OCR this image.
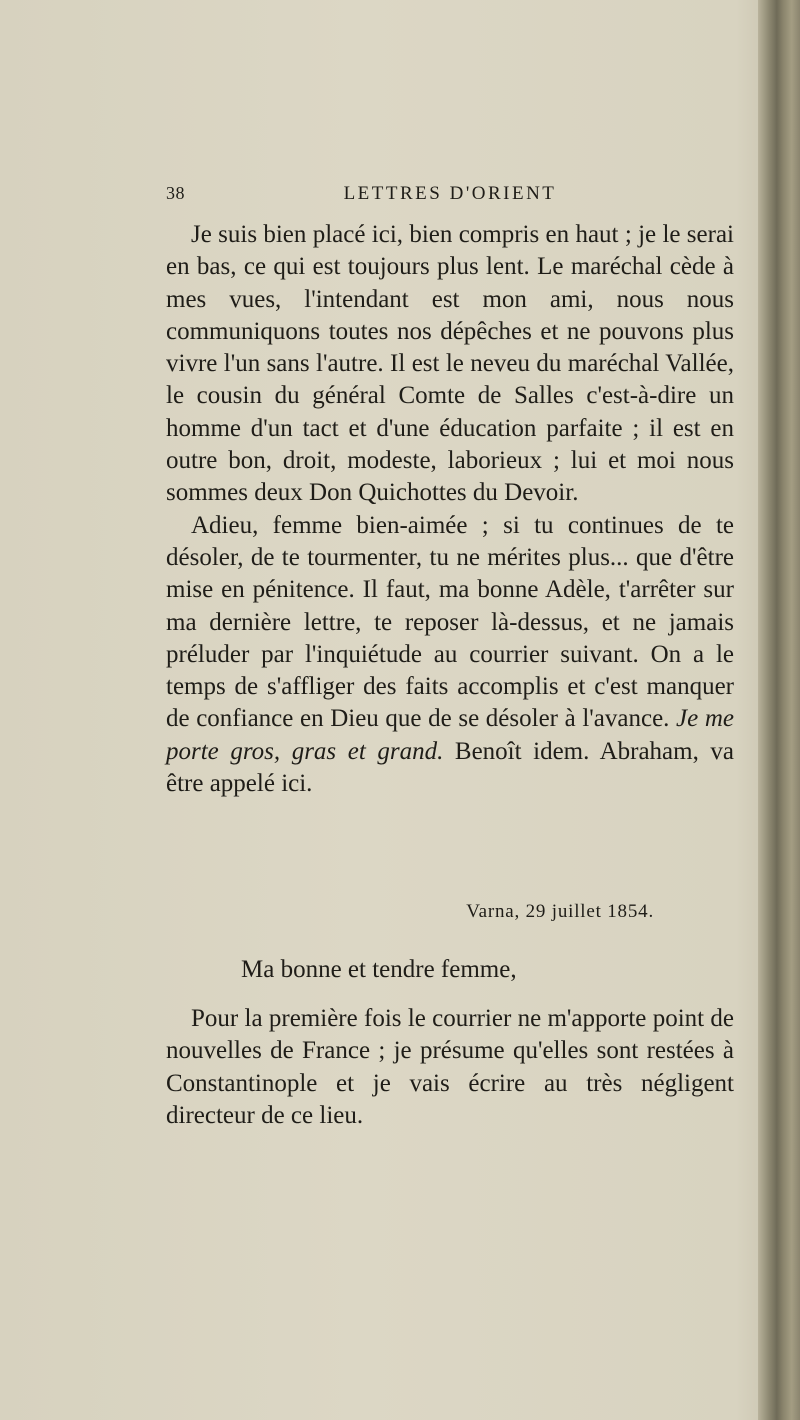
38	LETTRES D'ORIENT

Je suis bien placé ici, bien compris en haut ; je le serai en bas, ce qui est toujours plus lent. Le maréchal cède à mes vues, l'intendant est mon ami, nous nous communiquons toutes nos dépêches et ne pouvons plus vivre l'un sans l'autre. Il est le neveu du maréchal Vallée, le cousin du général Comte de Salles c'est-à-dire un homme d'un tact et d'une éducation parfaite ; il est en outre bon, droit, modeste, laborieux ; lui et moi nous sommes deux Don Quichottes du Devoir.

Adieu, femme bien-aimée ; si tu continues de te désoler, de te tourmenter, tu ne mérites plus... que d'être mise en pénitence. Il faut, ma bonne Adèle, t'arrêter sur ma dernière lettre, te reposer là-dessus, et ne jamais préluder par l'inquiétude au courrier suivant. On a le temps de s'affliger des faits accomplis et c'est manquer de confiance en Dieu que de se désoler à l'avance. Je me porte gros, gras et grand. Benoît idem. Abraham, va être appelé ici.

Varna, 29 juillet 1854.
Ma bonne et tendre femme,

Pour la première fois le courrier ne m'apporte point de nouvelles de France ; je présume qu'elles sont restées à Constantinople et je vais écrire au très négligent directeur de ce lieu.
